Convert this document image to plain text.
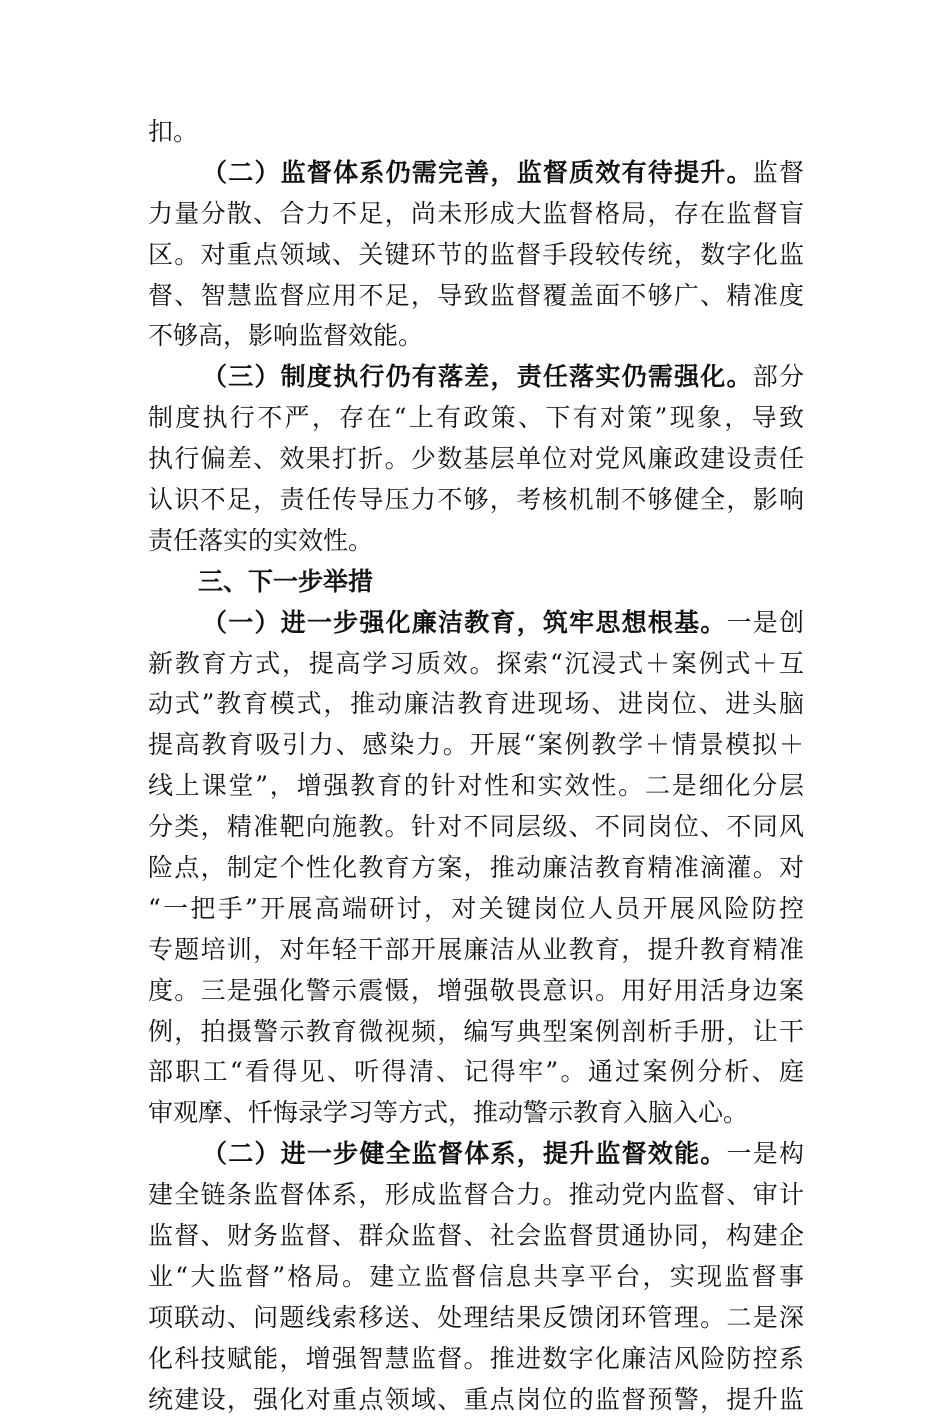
扣。
（二）监督体系仍需完善，监督质效有待提升。监督
力量分散、合力不足，尚未形成大监督格局，存在监督盲
区。对重点领域、关键环节的监督手段较传统，数字化监
督、智慧监督应用不足，导致监督覆盖面不够广、精准度
不够高，影响监督效能。
（三）制度执行仍有落差，责任落实仍需强化。部分
制度执行不严，存在“上有政策、下有对策”现象，导致
执行偏差、效果打折。少数基层单位对党风廉政建设责任
认识不足，责任传导压力不够，考核机制不够健全，影响
责任落实的实效性。
三、下一步举措
（一）进一步强化廉洁教育，筑牢思想根基。一是创
新教育方式，提高学习质效。探索“沉浸式＋案例式＋互
动式”教育模式，推动廉洁教育进现场、进岗位、进头脑
提高教育吸引力、感染力。开展“案例教学＋情景模拟＋
线上课堂”，增强教育的针对性和实效性。二是细化分层
分类，精准靶向施教。针对不同层级、不同岗位、不同风
险点，制定个性化教育方案，推动廉洁教育精准滴灌。对
“一把手”开展高端研讨，对关键岗位人员开展风险防控
专题培训，对年轻干部开展廉洁从业教育，提升教育精准
度。三是强化警示震慑，增强敬畏意识。用好用活身边案
例，拍摄警示教育微视频，编写典型案例剖析手册，让干
部职工“看得见、听得清、记得牢”。通过案例分析、庭
审观摩、忏悔录学习等方式，推动警示教育入脑入心。
（二）进一步健全监督体系，提升监督效能。一是构
建全链条监督体系，形成监督合力。推动党内监督、审计
监督、财务监督、群众监督、社会监督贯通协同，构建企
业“大监督”格局。建立监督信息共享平台，实现监督事
项联动、问题线索移送、处理结果反馈闭环管理。二是深
化科技赋能，增强智慧监督。推进数字化廉洁风险防控系
统建设，强化对重点领域、重点岗位的监督预警，提升监
